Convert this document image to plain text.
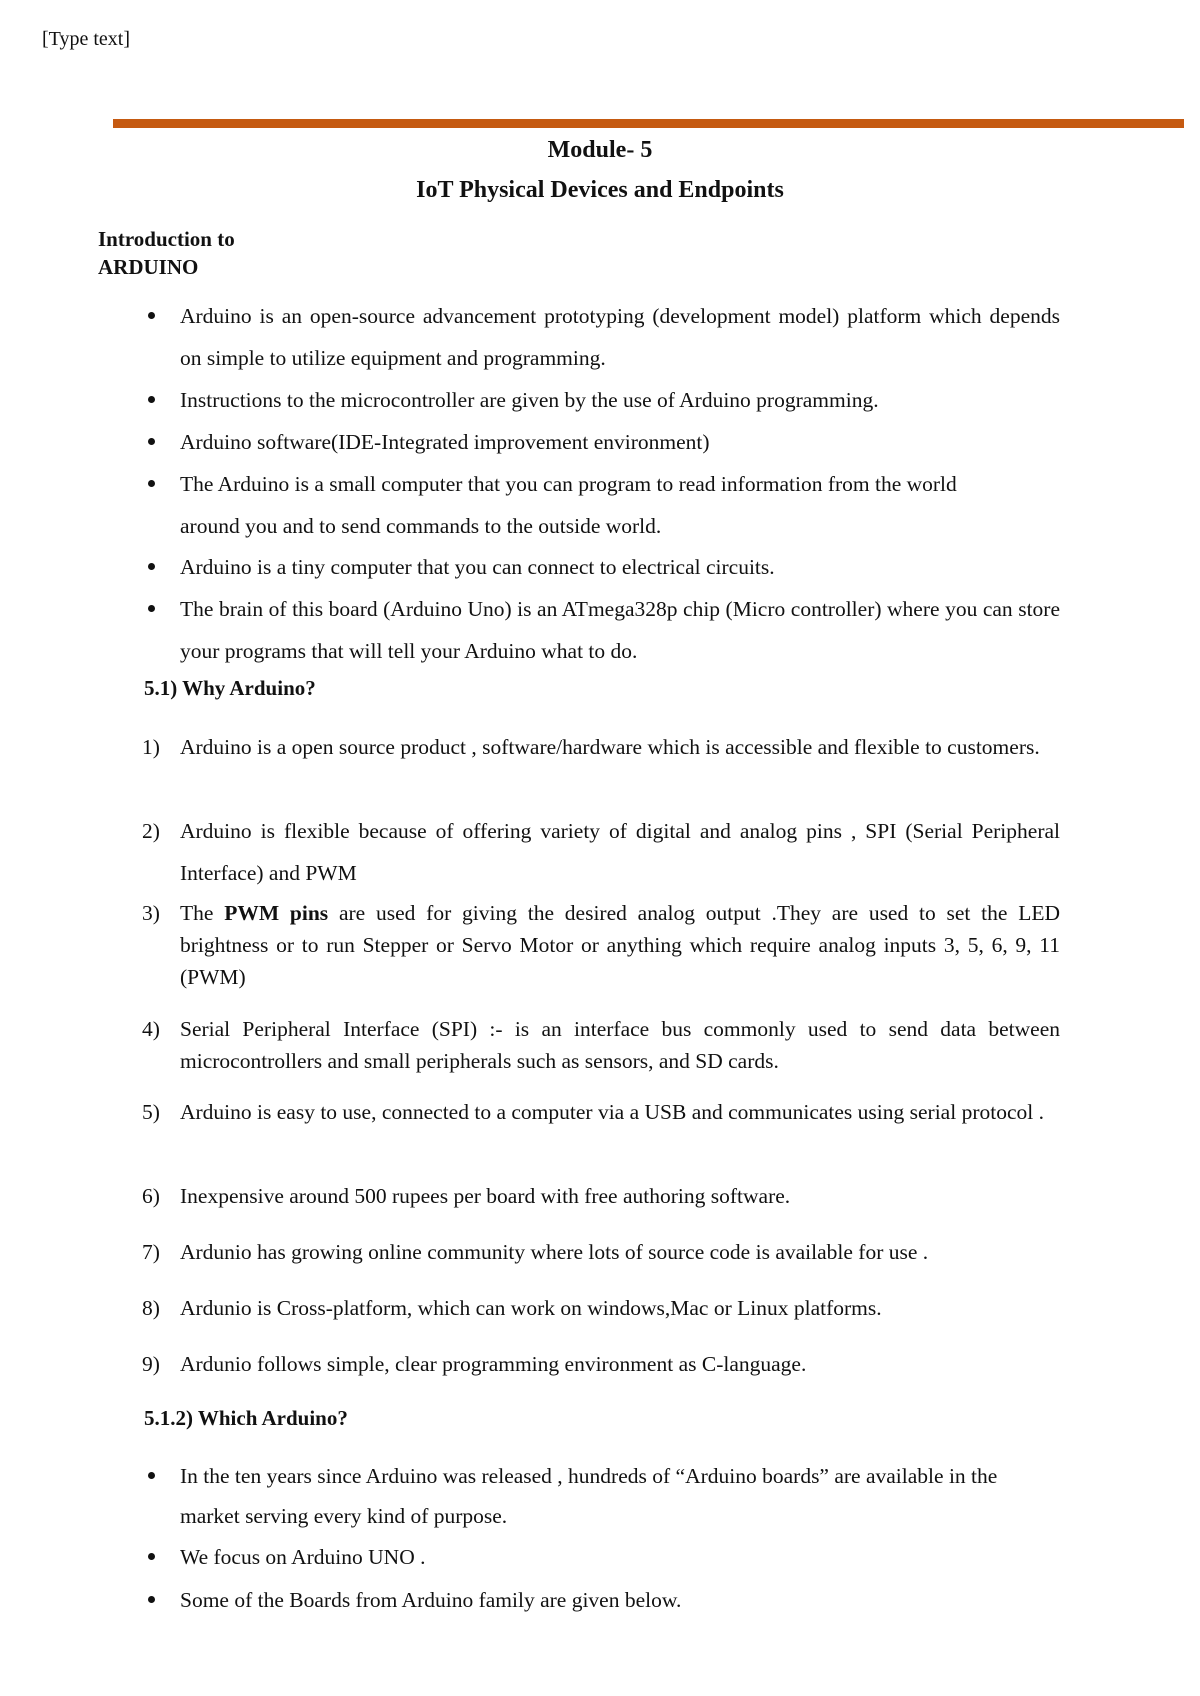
[Type text]
Module- 5
IoT Physical Devices and Endpoints
Introduction to
ARDUINO
Arduino is an open-source advancement prototyping (development model) platform which depends on simple to utilize equipment and programming.
Instructions to the microcontroller are given by the use of Arduino programming.
Arduino software(IDE-Integrated improvement environment)
The Arduino is a small computer that you can program to read information from the world around you and to send commands to the outside world.
Arduino is a tiny computer that you can connect to electrical circuits.
The brain of this board (Arduino Uno) is an ATmega328p chip (Micro controller) where you can store your programs that will tell your Arduino what to do.
5.1) Why Arduino?
1) Arduino is a open source product , software/hardware which is accessible and flexible to customers.
2) Arduino is flexible because of offering variety of digital and analog pins , SPI (Serial Peripheral Interface) and PWM
3) The PWM pins are used for giving the desired analog output .They are used to set the LED brightness or to run Stepper or Servo Motor or anything which require analog inputs 3, 5, 6, 9, 11 (PWM)
4) Serial Peripheral Interface (SPI) :- is an interface bus commonly used to send data between microcontrollers and small peripherals such as sensors, and SD cards.
5) Arduino is easy to use, connected to a computer via a USB and communicates using serial protocol .
6) Inexpensive around 500 rupees per board with free authoring software.
7) Ardunio has growing online community where lots of source code is available for use .
8) Ardunio is Cross-platform, which can work on windows,Mac or Linux platforms.
9) Ardunio follows simple, clear programming environment as C-language.
5.1.2) Which Arduino?
In the ten years since Arduino was released , hundreds of “Arduino boards” are available in the market serving every kind of purpose.
We focus on Arduino UNO .
Some of the Boards from Arduino family are given below.
